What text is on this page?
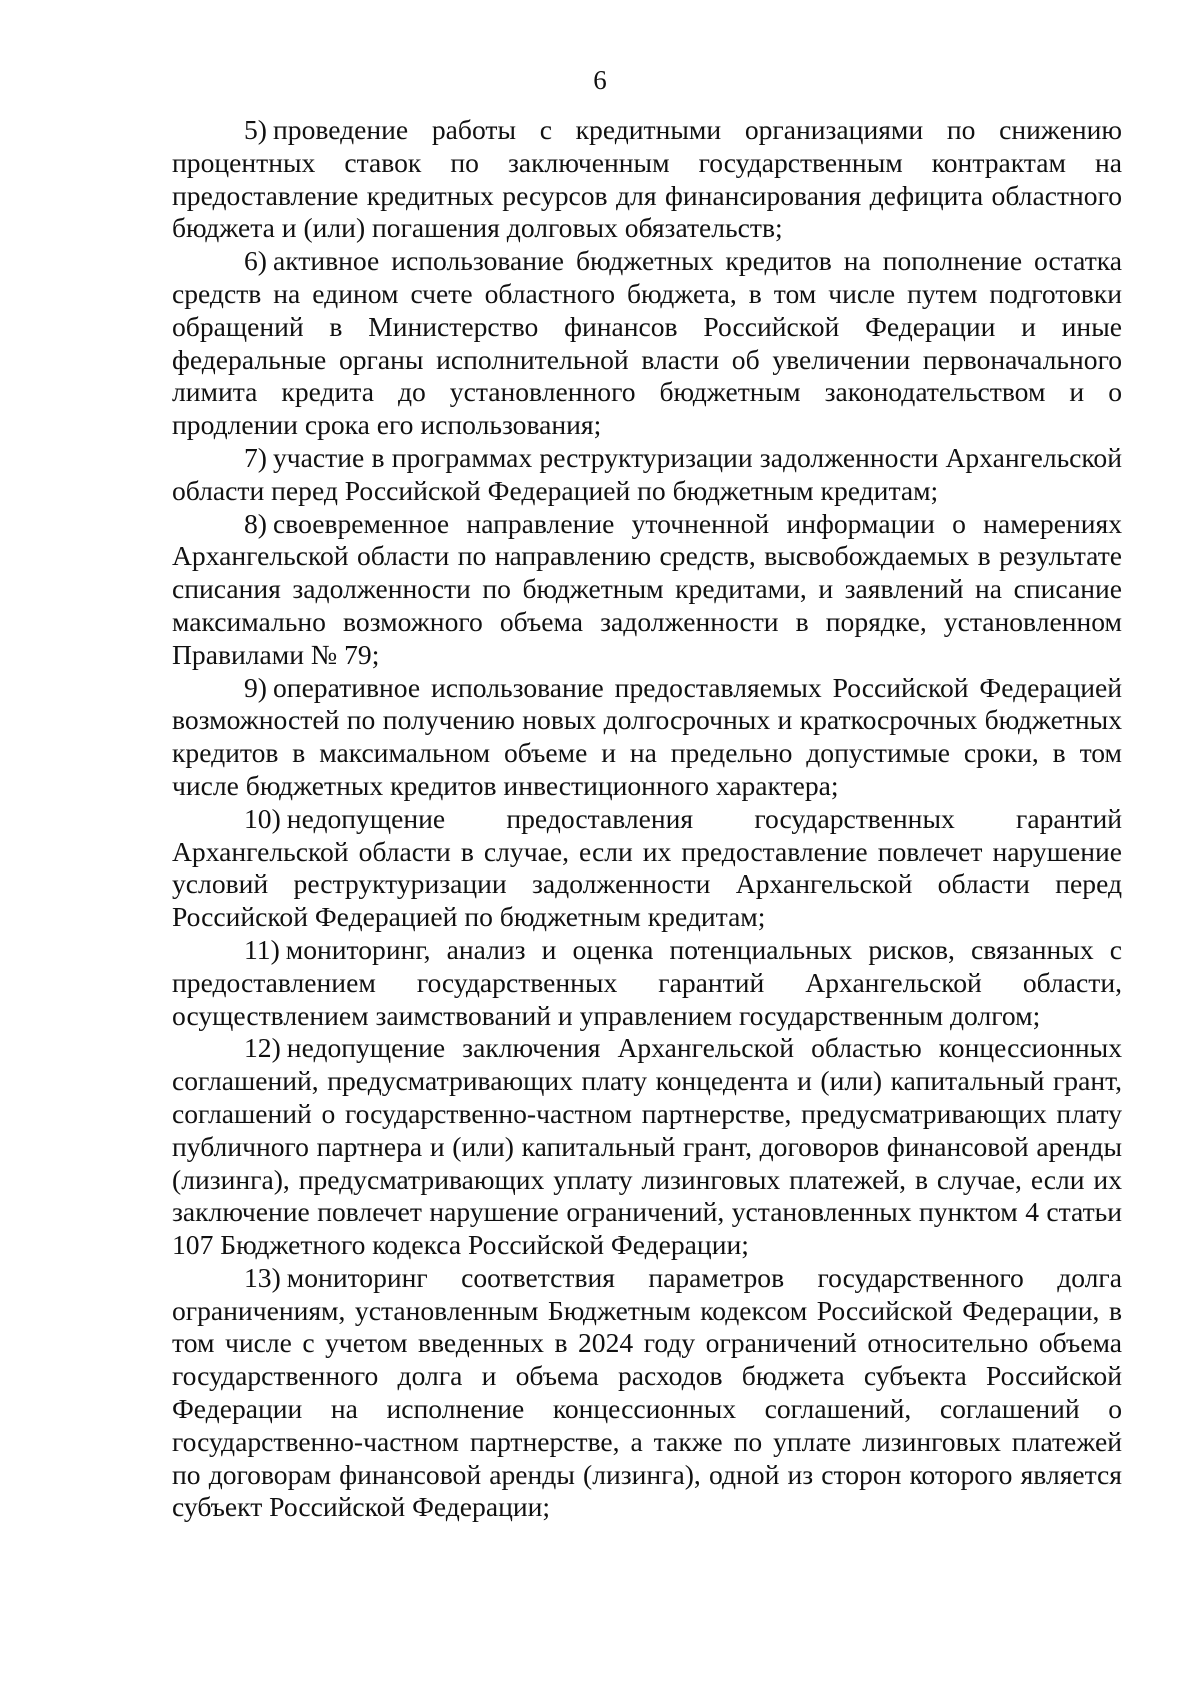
6

5) проведение работы с кредитными организациями по снижению процентных ставок по заключенным государственным контрактам на предоставление кредитных ресурсов для финансирования дефицита областного бюджета и (или) погашения долговых обязательств;

6) активное использование бюджетных кредитов на пополнение остатка средств на едином счете областного бюджета, в том числе путем подготовки обращений в Министерство финансов Российской Федерации и иные федеральные органы исполнительной власти об увеличении первоначального лимита кредита до установленного бюджетным законодательством и о продлении срока его использования;

7) участие в программах реструктуризации задолженности Архангельской области перед Российской Федерацией по бюджетным кредитам;

8) своевременное направление уточненной информации о намерениях Архангельской области по направлению средств, высвобождаемых в результате списания задолженности по бюджетным кредитами, и заявлений на списание максимально возможного объема задолженности в порядке, установленном Правилами № 79;

9) оперативное использование предоставляемых Российской Федерацией возможностей по получению новых долгосрочных и краткосрочных бюджетных кредитов в максимальном объеме и на предельно допустимые сроки, в том числе бюджетных кредитов инвестиционного характера;

10) недопущение предоставления государственных гарантий Архангельской области в случае, если их предоставление повлечет нарушение условий реструктуризации задолженности Архангельской области перед Российской Федерацией по бюджетным кредитам;

11) мониторинг, анализ и оценка потенциальных рисков, связанных с предоставлением государственных гарантий Архангельской области, осуществлением заимствований и управлением государственным долгом;

12) недопущение заключения Архангельской областью концессионных соглашений, предусматривающих плату концедента и (или) капитальный грант, соглашений о государственно-частном партнерстве, предусматривающих плату публичного партнера и (или) капитальный грант, договоров финансовой аренды (лизинга), предусматривающих уплату лизинговых платежей, в случае, если их заключение повлечет нарушение ограничений, установленных пунктом 4 статьи 107 Бюджетного кодекса Российской Федерации;

13) мониторинг соответствия параметров государственного долга ограничениям, установленным Бюджетным кодексом Российской Федерации, в том числе с учетом введенных в 2024 году ограничений относительно объема государственного долга и объема расходов бюджета субъекта Российской Федерации на исполнение концессионных соглашений, соглашений о государственно-частном партнерстве, а также по уплате лизинговых платежей по договорам финансовой аренды (лизинга), одной из сторон которого является субъект Российской Федерации;
